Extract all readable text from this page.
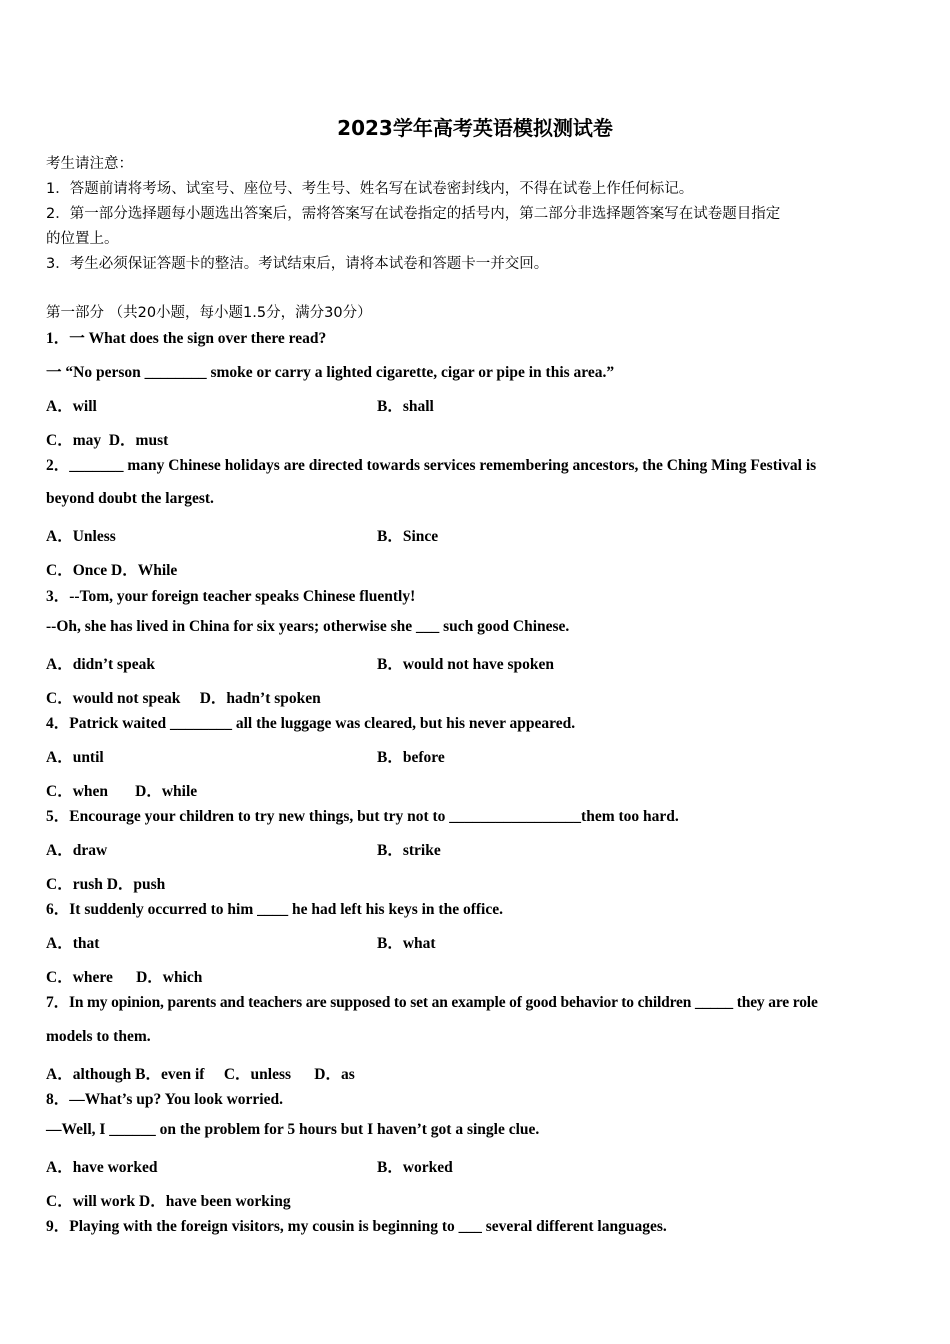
2023学年高考英语模拟测试卷
考生请注意：
1．答题前请将考场、试室号、座位号、考生号、姓名写在试卷密封线内，不得在试卷上作任何标记。
2．第一部分选择题每小题选出答案后，需将答案写在试卷指定的括号内，第二部分非选择题答案写在试卷题目指定
的位置上。
3．考生必须保证答题卡的整洁。考试结束后，请将本试卷和答题卡一并交回。
第一部分 （共20小题，每小题1.5分，满分30分）
1．一 What does the sign over there read?
一 “No person ________ smoke or carry a lighted cigarette, cigar or pipe in this area.”
A．will	B．shall
C．may  D．must
2．_______ many Chinese holidays are directed towards services remembering ancestors, the Ching Ming Festival is
beyond doubt the largest.
A．Unless	B．Since
C．Once D．While
3．--Tom, your foreign teacher speaks Chinese fluently!
--Oh, she has lived in China for six years; otherwise she ___ such good Chinese.
A．didn’t speak	B．would not have spoken
C．would not speak     D．hadn’t spoken
4．Patrick waited ________ all the luggage was cleared, but his never appeared.
A．until	B．before
C．when       D．while
5．Encourage your children to try new things, but try not to _________________them too hard.
A．draw	B．strike
C．rush D．push
6．It suddenly occurred to him ____ he had left his keys in the office.
A．that	B．what
C．where      D．which
7．In my opinion, parents and teachers are supposed to set an example of good behavior to children _____ they are role
models to them.
A．although B．even if     C．unless      D．as
8．—What’s up? You look worried.
—Well, I ______ on the problem for 5 hours but I haven’t got a single clue.
A．have worked	B．worked
C．will work D．have been working
9．Playing with the foreign visitors, my cousin is beginning to ___ several different languages.
